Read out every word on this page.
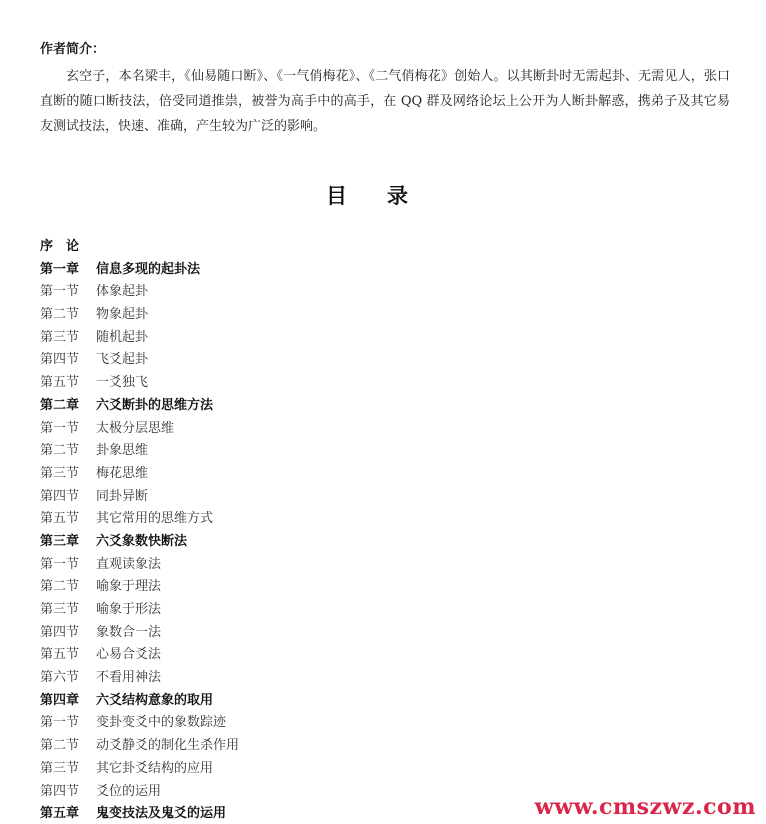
作者简介：

玄空子，本名梁丰，《仙易随口断》、《一气俏梅花》、《二气俏梅花》创始人。以其断卦时无需起卦、无需见人，张口直断的随口断技法，倍受同道推祟，被誉为高手中的高手，在 QQ 群及网络论坛上公开为人断卦解惑，携弟子及其它易友测试技法，快速、准确，产生较为广泛的影响。

目录
序　论
第一章 信息多现的起卦法
第一节 体象起卦
第二节 物象起卦
第三节 随机起卦
第四节 飞爻起卦
第五节 一爻独飞
第二章 六爻断卦的思维方法
第一节 太极分层思维
第二节 卦象思维
第三节 梅花思维
第四节 同卦异断
第五节 其它常用的思维方式
第三章 六爻象数快断法
第一节 直观读象法
第二节 喻象于理法
第三节 喻象于形法
第四节 象数合一法
第五节 心易合爻法
第六节 不看用神法
第四章 六爻结构意象的取用
第一节 变卦变爻中的象数踪迹
第二节 动爻静爻的制化生杀作用
第三节 其它卦爻结构的应用
第四节 爻位的运用
第五章 鬼变技法及鬼爻的运用	www.cmszwz.com
